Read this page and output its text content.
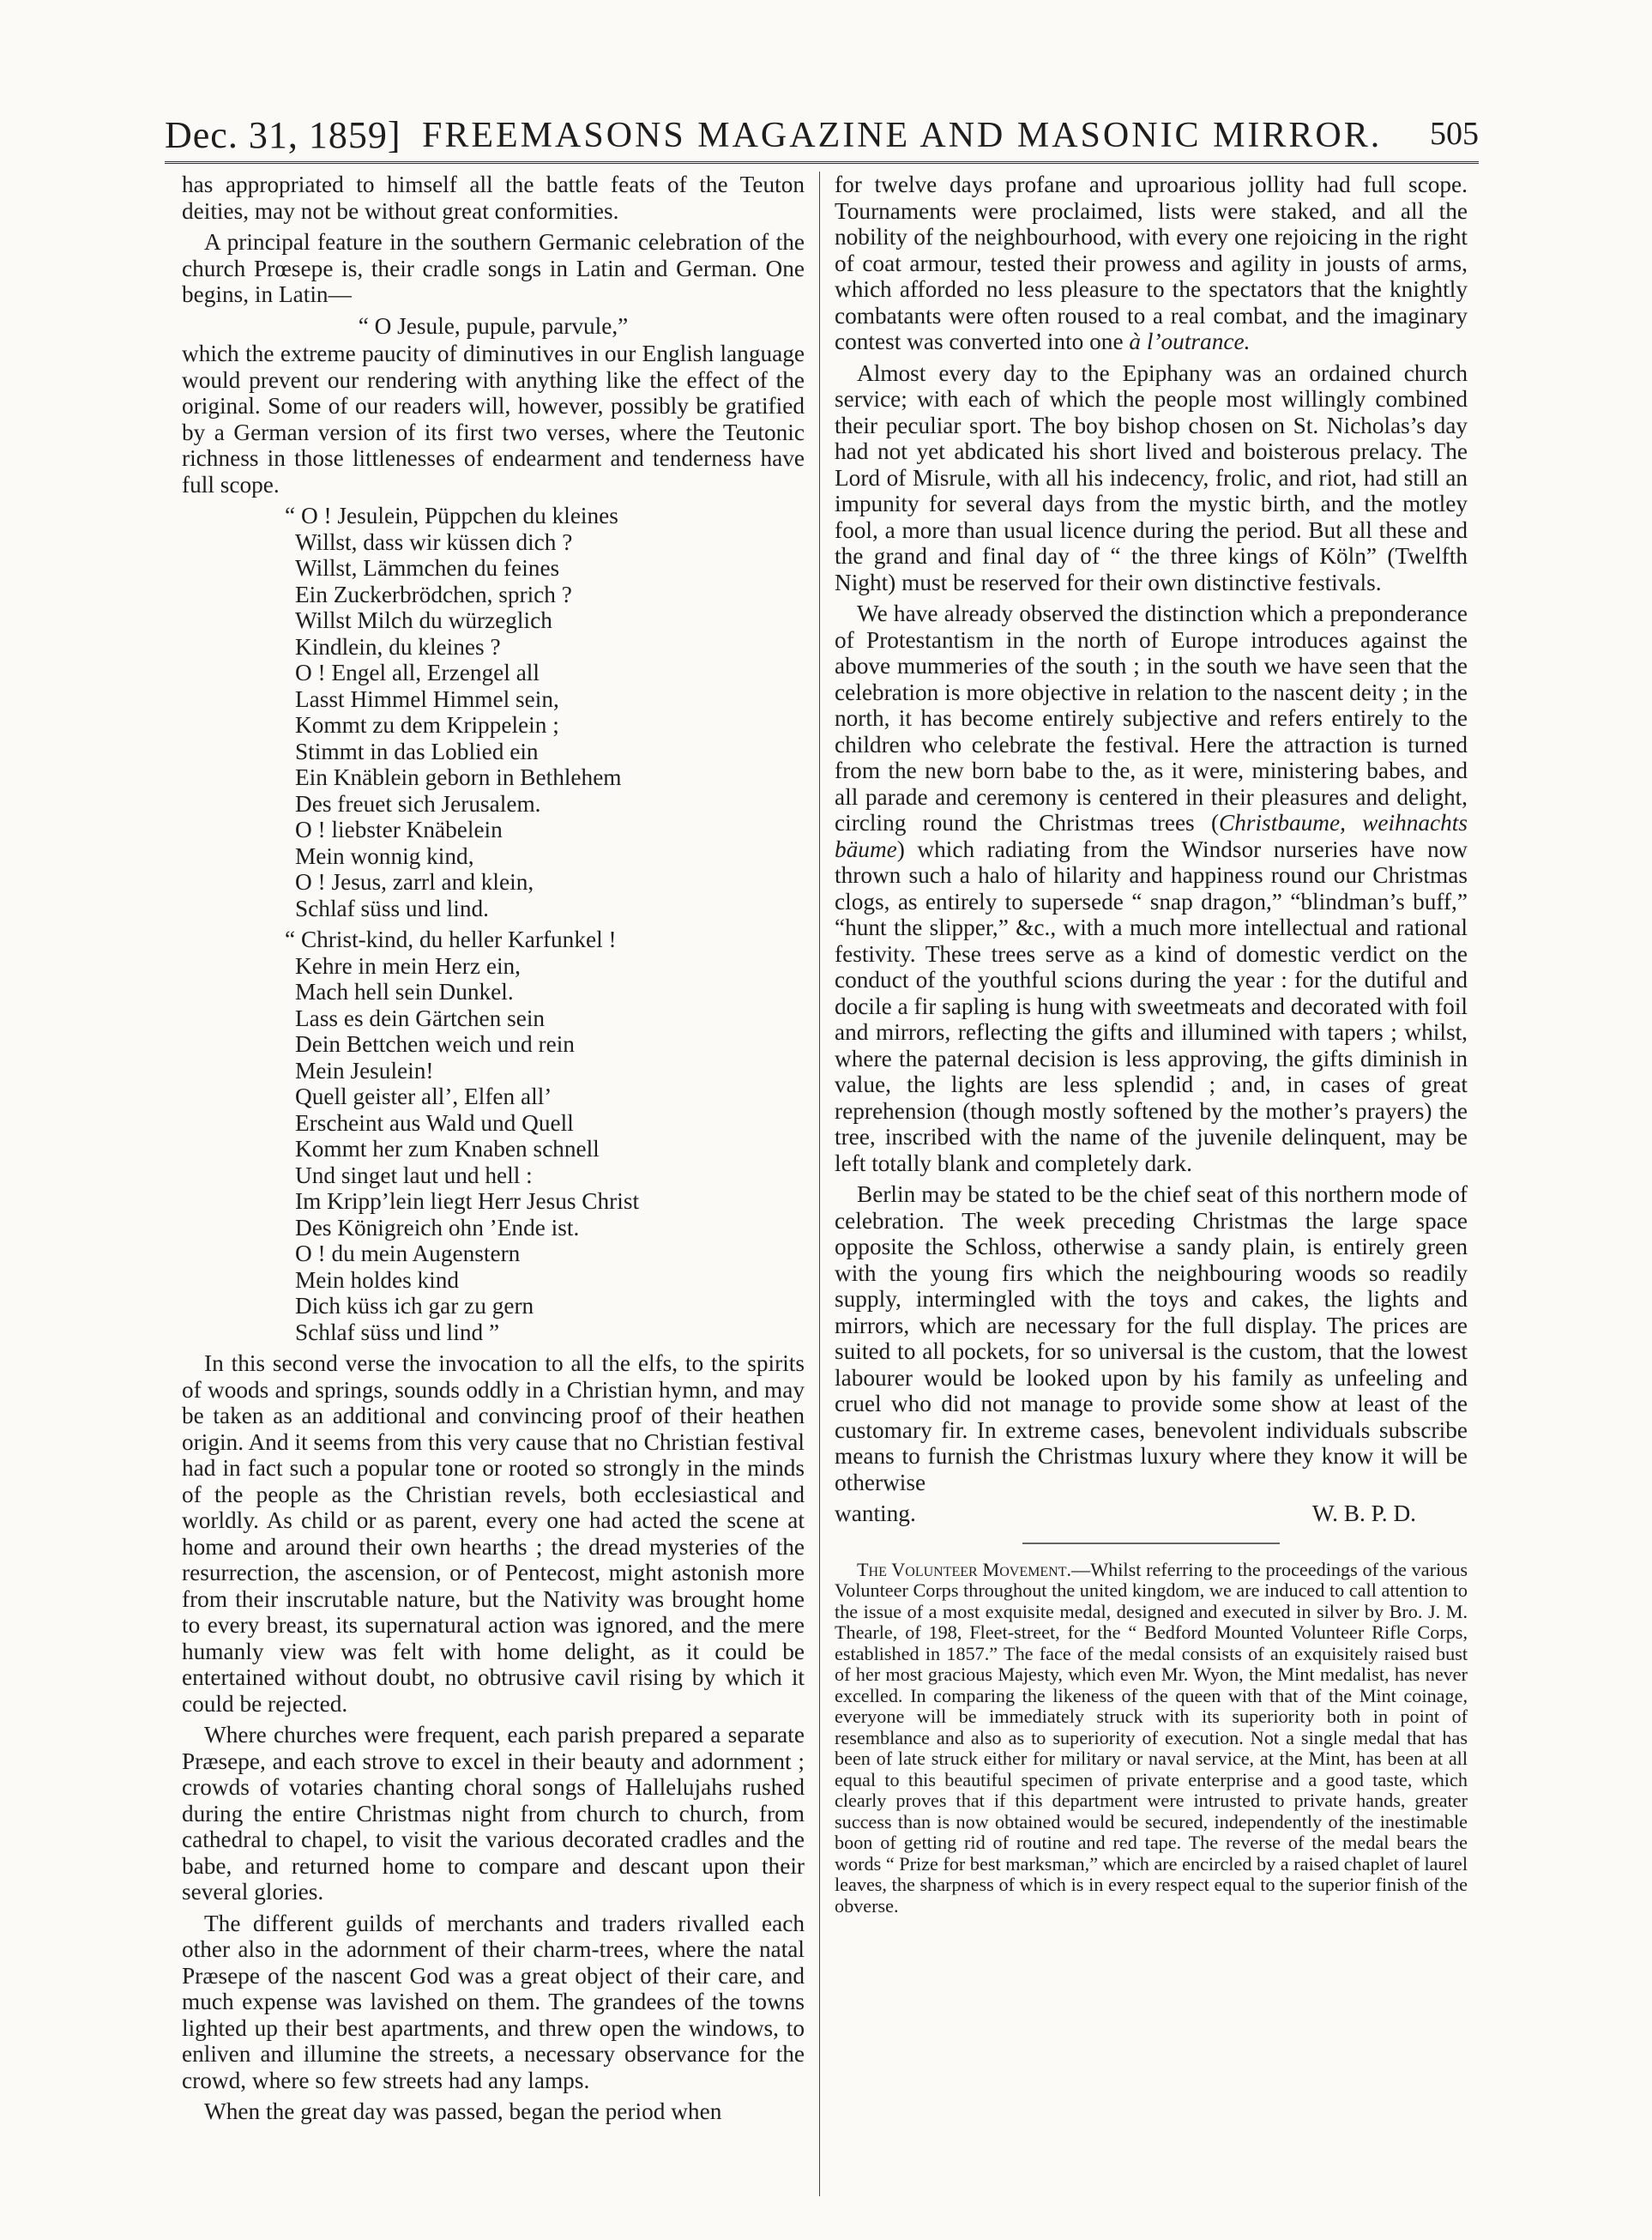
Dec. 31, 1859] FREEMASONS MAGAZINE AND MASONIC MIRROR. 505

has appropriated to himself all the battle feats of the Teuton deities, may not be without great conformities.

A principal feature in the southern Germanic celebration of the church Prœsepe is, their cradle songs in Latin and German. One begins, in Latin—

“ O Jesule, pupule, parvule,”

which the extreme paucity of diminutives in our English language would prevent our rendering with anything like the effect of the original. Some of our readers will, however, possibly be gratified by a German version of its first two verses, where the Teutonic richness in those littlenesses of endearment and tenderness have full scope.

“ O ! Jesulein, Püppchen du kleines
Willst, dass wir küssen dich ?
Willst, Lämmchen du feines
Ein Zuckerbrödchen, sprich ?
Willst Milch du würzeglich
Kindlein, du kleines ?
O ! Engel all, Erzengel all
Lasst Himmel Himmel sein,
Kommt zu dem Krippelein ;
Stimmt in das Loblied ein
Ein Knäblein geborn in Bethlehem
Des freuet sich Jerusalem.
O ! liebster Knäbelein
Mein wonnig kind,
O ! Jesus, zarrl and klein,
Schlaf süss und lind.
“ Christ-kind, du heller Karfunkel !
Kehre in mein Herz ein,
Mach hell sein Dunkel.
Lass es dein Gärtchen sein
Dein Bettchen weich und rein
Mein Jesulein!
Quell geister all’, Elfen all’
Erscheint aus Wald und Quell
Kommt her zum Knaben schnell
Und singet laut und hell :
Im Kripp’lein liegt Herr Jesus Christ
Des Königreich ohn ’Ende ist.
O ! du mein Augenstern
Mein holdes kind
Dich küss ich gar zu gern
Schlaf süss und lind ”

In this second verse the invocation to all the elfs, to the spirits of woods and springs, sounds oddly in a Christian hymn, and may be taken as an additional and convincing proof of their heathen origin. And it seems from this very cause that no Christian festival had in fact such a popular tone or rooted so strongly in the minds of the people as the Christian revels, both ecclesiastical and worldly. As child or as parent, every one had acted the scene at home and around their own hearths ; the dread mysteries of the resurrection, the ascension, or of Pentecost, might astonish more from their inscrutable nature, but the Nativity was brought home to every breast, its supernatural action was ignored, and the mere humanly view was felt with home delight, as it could be entertained without doubt, no obtrusive cavil rising by which it could be rejected.

Where churches were frequent, each parish prepared a separate Præsepe, and each strove to excel in their beauty and adornment ; crowds of votaries chanting choral songs of Hallelujahs rushed during the entire Christmas night from church to church, from cathedral to chapel, to visit the various decorated cradles and the babe, and returned home to compare and descant upon their several glories.

The different guilds of merchants and traders rivalled each other also in the adornment of their charm-trees, where the natal Præsepe of the nascent God was a great object of their care, and much expense was lavished on them. The grandees of the towns lighted up their best apartments, and threw open the windows, to enliven and illumine the streets, a necessary observance for the crowd, where so few streets had any lamps.

When the great day was passed, began the period when

for twelve days profane and uproarious jollity had full scope. Tournaments were proclaimed, lists were staked, and all the nobility of the neighbourhood, with every one rejoicing in the right of coat armour, tested their prowess and agility in jousts of arms, which afforded no less pleasure to the spectators that the knightly combatants were often roused to a real combat, and the imaginary contest was converted into one à l’outrance.

Almost every day to the Epiphany was an ordained church service; with each of which the people most willingly combined their peculiar sport. The boy bishop chosen on St. Nicholas’s day had not yet abdicated his short lived and boisterous prelacy. The Lord of Misrule, with all his indecency, frolic, and riot, had still an impunity for several days from the mystic birth, and the motley fool, a more than usual licence during the period. But all these and the grand and final day of “ the three kings of Köln” (Twelfth Night) must be reserved for their own distinctive festivals.

We have already observed the distinction which a preponderance of Protestantism in the north of Europe introduces against the above mummeries of the south ; in the south we have seen that the celebration is more objective in relation to the nascent deity ; in the north, it has become entirely subjective and refers entirely to the children who celebrate the festival. Here the attraction is turned from the new born babe to the, as it were, ministering babes, and all parade and ceremony is centered in their pleasures and delight, circling round the Christmas trees (Christbaume, weihnachts bäume) which radiating from the Windsor nurseries have now thrown such a halo of hilarity and happiness round our Christmas clogs, as entirely to supersede “ snap dragon,” “blindman’s buff,” “hunt the slipper,” &c., with a much more intellectual and rational festivity. These trees serve as a kind of domestic verdict on the conduct of the youthful scions during the year : for the dutiful and docile a fir sapling is hung with sweetmeats and decorated with foil and mirrors, reflecting the gifts and illumined with tapers ; whilst, where the paternal decision is less approving, the gifts diminish in value, the lights are less splendid ; and, in cases of great reprehension (though mostly softened by the mother’s prayers) the tree, inscribed with the name of the juvenile delinquent, may be left totally blank and completely dark.

Berlin may be stated to be the chief seat of this northern mode of celebration. The week preceding Christmas the large space opposite the Schloss, otherwise a sandy plain, is entirely green with the young firs which the neighbouring woods so readily supply, intermingled with the toys and cakes, the lights and mirrors, which are necessary for the full display. The prices are suited to all pockets, for so universal is the custom, that the lowest labourer would be looked upon by his family as unfeeling and cruel who did not manage to provide some show at least of the customary fir. In extreme cases, benevolent individuals subscribe means to furnish the Christmas luxury where they know it will be otherwise

wanting.	W. B. P. D.

The Volunteer Movement.—Whilst referring to the proceedings of the various Volunteer Corps throughout the united kingdom, we are induced to call attention to the issue of a most exquisite medal, designed and executed in silver by Bro. J. M. Thearle, of 198, Fleet-street, for the “ Bedford Mounted Volunteer Rifle Corps, established in 1857.” The face of the medal consists of an exquisitely raised bust of her most gracious Majesty, which even Mr. Wyon, the Mint medalist, has never excelled. In comparing the likeness of the queen with that of the Mint coinage, everyone will be immediately struck with its superiority both in point of resemblance and also as to superiority of execution. Not a single medal that has been of late struck either for military or naval service, at the Mint, has been at all equal to this beautiful specimen of private enterprise and a good taste, which clearly proves that if this department were intrusted to private hands, greater success than is now obtained would be secured, independently of the inestimable boon of getting rid of routine and red tape. The reverse of the medal bears the words “ Prize for best marksman,” which are encircled by a raised chaplet of laurel leaves, the sharpness of which is in every respect equal to the superior finish of the obverse.
